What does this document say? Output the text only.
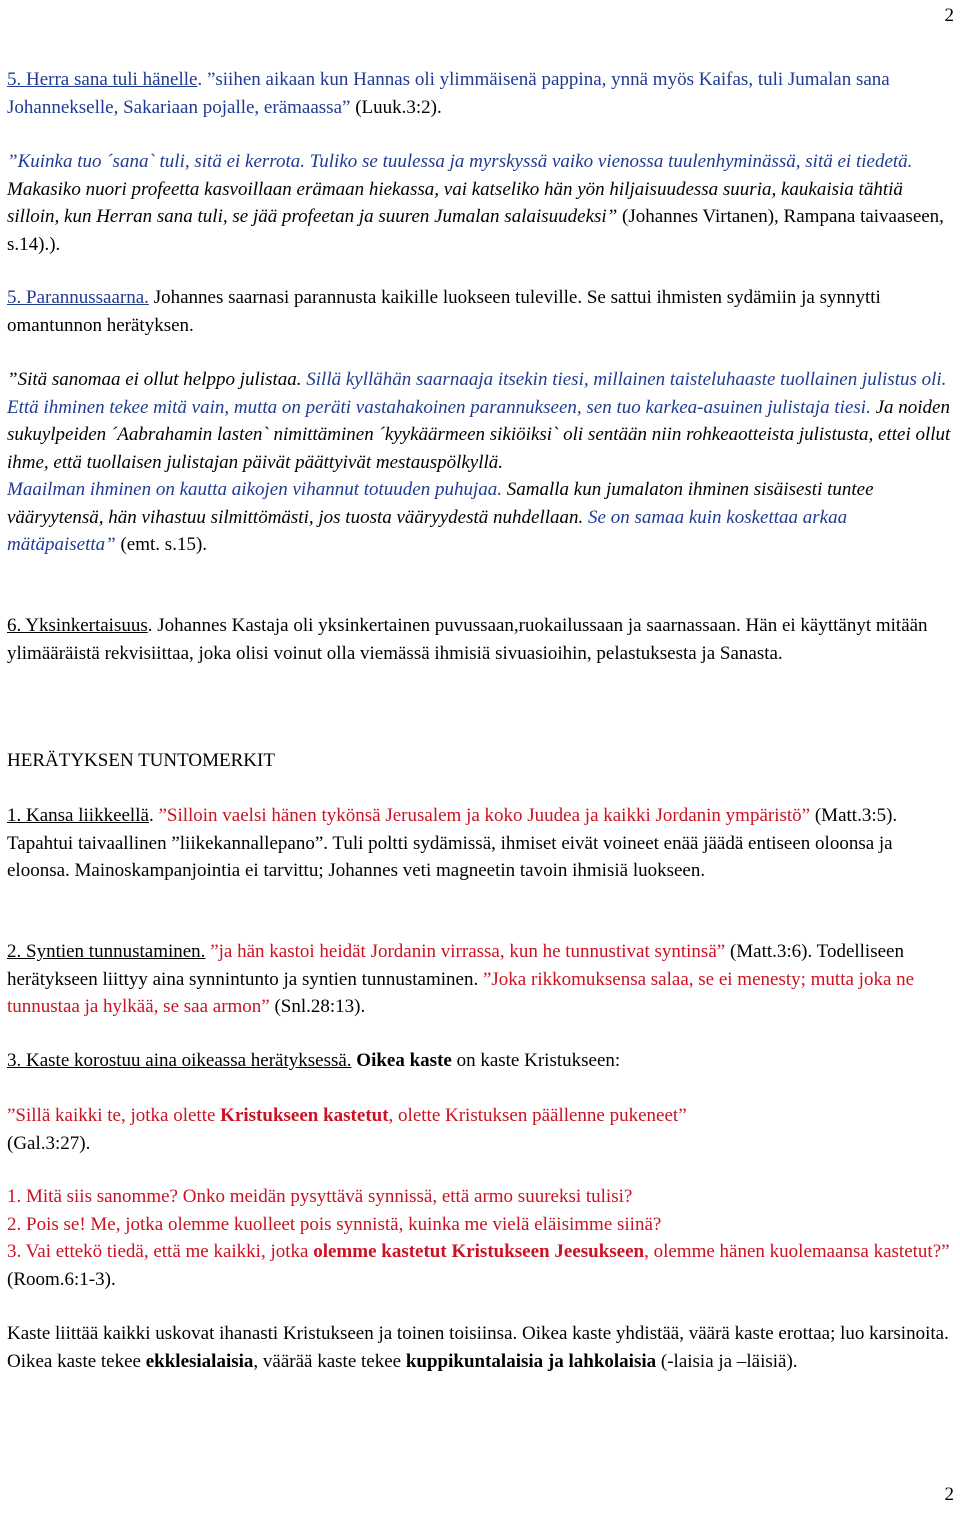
2

5. Herra sana tuli hänelle. ”siihen aikaan kun Hannas oli ylimmäisenä pappina, ynnä myös Kaifas, tuli Jumalan sana Johannekselle, Sakariaan pojalle, erämaassa” (Luuk.3:2).

”Kuinka tuo ´sana` tuli, sitä ei kerrota. Tuliko se tuulessa ja myrskyssä vaiko vienossa tuulenhyminässä, sitä ei tiedetä. Makasiko nuori profeetta kasvoillaan erämaan hiekassa, vai katseliko hän yön hiljaisuudessa suuria, kaukaisia tähtiä silloin, kun Herran sana tuli, se jää profeetan ja suuren Jumalan salaisuudeksi” (Johannes Virtanen), Rampana taivaaseen, s.14).).

5. Parannussaarna. Johannes saarnasi parannusta kaikille luokseen tuleville. Se sattui ihmisten sydämiin ja synnytti omantunnon herätyksen.

”Sitä sanomaa ei ollut helppo julistaa. Sillä kyllähän saarnaaja itsekin tiesi, millainen taisteluhaaste tuollainen julistus oli. Että ihminen tekee mitä vain, mutta on peräti vastahakoinen parannukseen, sen tuo karkea-asuinen julistaja tiesi. Ja noiden sukuylpeiden ´Aabrahamin lasten` nimittäminen ´kyykäärmeen sikiöiksi` oli sentään niin rohkeaotteista julistusta, ettei ollut ihme, että tuollaisen julistajan päivät päättyivät mestauspölkyllä.
Maailman ihminen on kautta aikojen vihannut totuuden puhujaa. Samalla kun jumalaton ihminen sisäisesti tuntee vääryytensä, hän vihastuu silmittömästi, jos tuosta vääryydestä nuhdellaan. Se on samaa kuin koskettaa arkaa mätäpaisetta” (emt. s.15).

6. Yksinkertaisuus. Johannes Kastaja oli yksinkertainen puvussaan,ruokailussaan ja saarnassaan. Hän ei käyttänyt mitään ylimääräistä rekvisiittaa, joka olisi voinut olla viemässä ihmisiä sivuasioihin, pelastuksesta ja Sanasta.

HERÄTYKSEN TUNTOMERKIT

1. Kansa liikkeellä. ”Silloin vaelsi hänen tykönsä Jerusalem ja koko Juudea ja kaikki Jordanin ympäristö” (Matt.3:5). Tapahtui taivaallinen ”liikekannallepano”. Tuli poltti sydämissä, ihmiset eivät voineet enää jäädä entiseen oloonsa ja eloonsa. Mainoskampanjointia ei tarvittu; Johannes veti magneetin tavoin ihmisiä luokseen.

2. Syntien tunnustaminen. ”ja hän kastoi heidät Jordanin virrassa, kun he tunnustivat syntinsä” (Matt.3:6). Todelliseen herätykseen liittyy aina synnintunto ja syntien tunnustaminen. ”Joka rikkomuksensa salaa, se ei menesty; mutta joka ne tunnustaa ja hylkää, se saa armon” (Snl.28:13).

3. Kaste korostuu aina oikeassa herätyksessä. Oikea kaste on kaste Kristukseen:

”Sillä kaikki te, jotka olette Kristukseen kastetut, olette Kristuksen päällenne pukeneet”
(Gal.3:27).

1. Mitä siis sanomme? Onko meidän pysyttävä synnissä, että armo suureksi tulisi?
2. Pois se! Me, jotka olemme kuolleet pois synnistä, kuinka me vielä eläisimme siinä?
3. Vai ettekö tiedä, että me kaikki, jotka olemme kastetut Kristukseen Jeesukseen, olemme hänen kuolemaansa kastetut?” (Room.6:1-3).

Kaste liittää kaikki uskovat ihanasti Kristukseen ja toinen toisiinsa. Oikea kaste yhdistää, väärä kaste erottaa; luo karsinoita. Oikea kaste tekee ekklesialaisia, väärää kaste tekee kuppikuntalaisia ja lahkolaisia (-laisia ja –läisiä).

2
